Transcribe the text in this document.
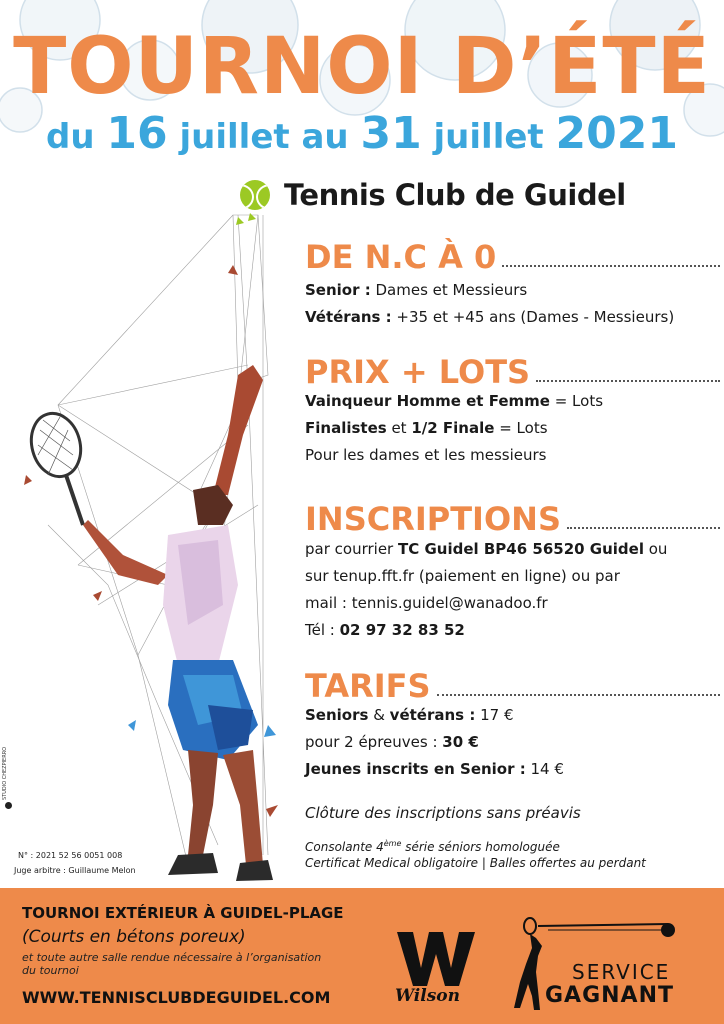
TOURNOI D’ÉTÉ
du 16 juillet au 31 juillet 2021
Tennis Club de Guidel
STUDIO CHEZPIERRO
N° : 2021 52 56 0051 008
Juge arbitre : Guillaume Melon
DE N.C À 0
Senior : Dames et Messieurs
Vétérans : +35 et +45 ans (Dames - Messieurs)
PRIX + LOTS
Vainqueur Homme et Femme = Lots
Finalistes et 1/2 Finale = Lots
Pour les dames et les messieurs
INSCRIPTIONS
par courrier TC Guidel BP46 56520 Guidel ou
sur tenup.fft.fr (paiement en ligne) ou par
mail : tennis.guidel@wanadoo.fr
Tél : 02 97 32 83 52
TARIFS
Seniors & vétérans : 17 €
pour 2 épreuves : 30 €
Jeunes inscrits en Senior : 14 €
Clôture des inscriptions sans préavis
Consolante 4ème série séniors homologuée
Certificat Medical obligatoire | Balles offertes au perdant
TOURNOI EXTÉRIEUR À GUIDEL-PLAGE
(Courts en bétons poreux)
et toute autre salle rendue nécessaire à l’organisation du tournoi
WWW.TENNISCLUBDEGUIDEL.COM	Wilson
SERVICE
GAGNANT
